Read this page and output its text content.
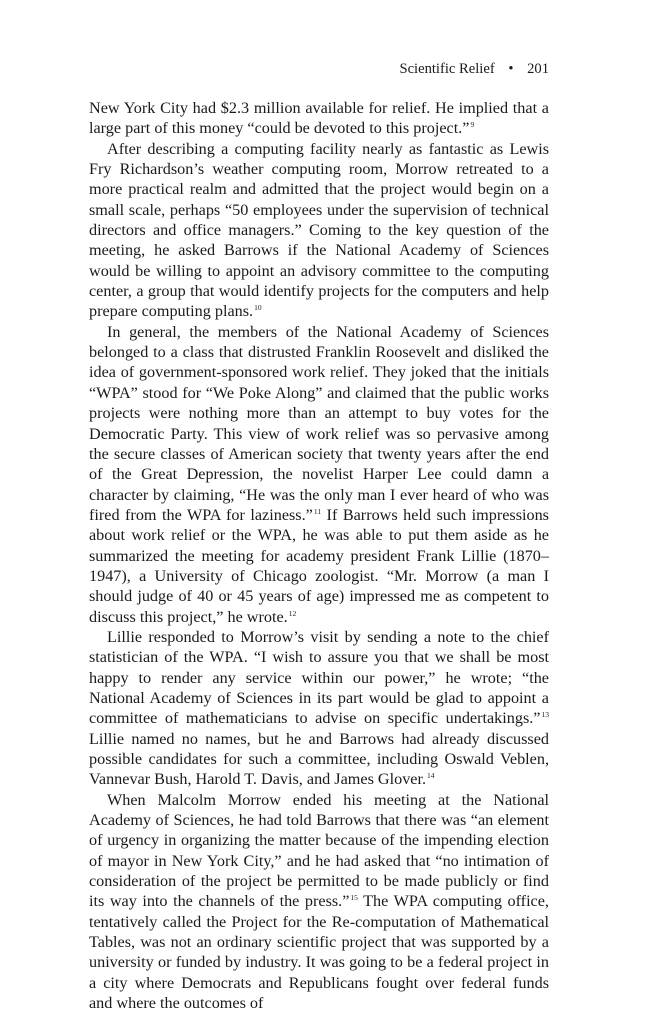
Scientific Relief • 201

New York City had $2.3 million available for relief. He implied that a large part of this money “could be devoted to this project.”$^9$

After describing a computing facility nearly as fantastic as Lewis Fry Richardson’s weather computing room, Morrow retreated to a more practical realm and admitted that the project would begin on a small scale, perhaps “50 employees under the supervision of technical directors and office managers.” Coming to the key question of the meeting, he asked Barrows if the National Academy of Sciences would be willing to appoint an advisory committee to the computing center, a group that would identify projects for the computers and help prepare computing plans.$^{10}$

In general, the members of the National Academy of Sciences belonged to a class that distrusted Franklin Roosevelt and disliked the idea of government-sponsored work relief. They joked that the initials “WPA” stood for “We Poke Along” and claimed that the public works projects were nothing more than an attempt to buy votes for the Democratic Party. This view of work relief was so pervasive among the secure classes of American society that twenty years after the end of the Great Depression, the novelist Harper Lee could damn a character by claiming, “He was the only man I ever heard of who was fired from the WPA for laziness.”$^{11}$ If Barrows held such impressions about work relief or the WPA, he was able to put them aside as he summarized the meeting for academy president Frank Lillie (1870–1947), a University of Chicago zoologist. “Mr. Morrow (a man I should judge of 40 or 45 years of age) impressed me as competent to discuss this project,” he wrote.$^{12}$

Lillie responded to Morrow’s visit by sending a note to the chief statistician of the WPA. “I wish to assure you that we shall be most happy to render any service within our power,” he wrote; “the National Academy of Sciences in its part would be glad to appoint a committee of mathematicians to advise on specific undertakings.”$^{13}$ Lillie named no names, but he and Barrows had already discussed possible candidates for such a committee, including Oswald Veblen, Vannevar Bush, Harold T. Davis, and James Glover.$^{14}$

When Malcolm Morrow ended his meeting at the National Academy of Sciences, he had told Barrows that there was “an element of urgency in organizing the matter because of the impending election of mayor in New York City,” and he had asked that “no intimation of consideration of the project be permitted to be made publicly or find its way into the channels of the press.”$^{15}$ The WPA computing office, tentatively called the Project for the Re-computation of Mathematical Tables, was not an ordinary scientific project that was supported by a university or funded by industry. It was going to be a federal project in a city where Democrats and Republicans fought over federal funds and where the outcomes of
